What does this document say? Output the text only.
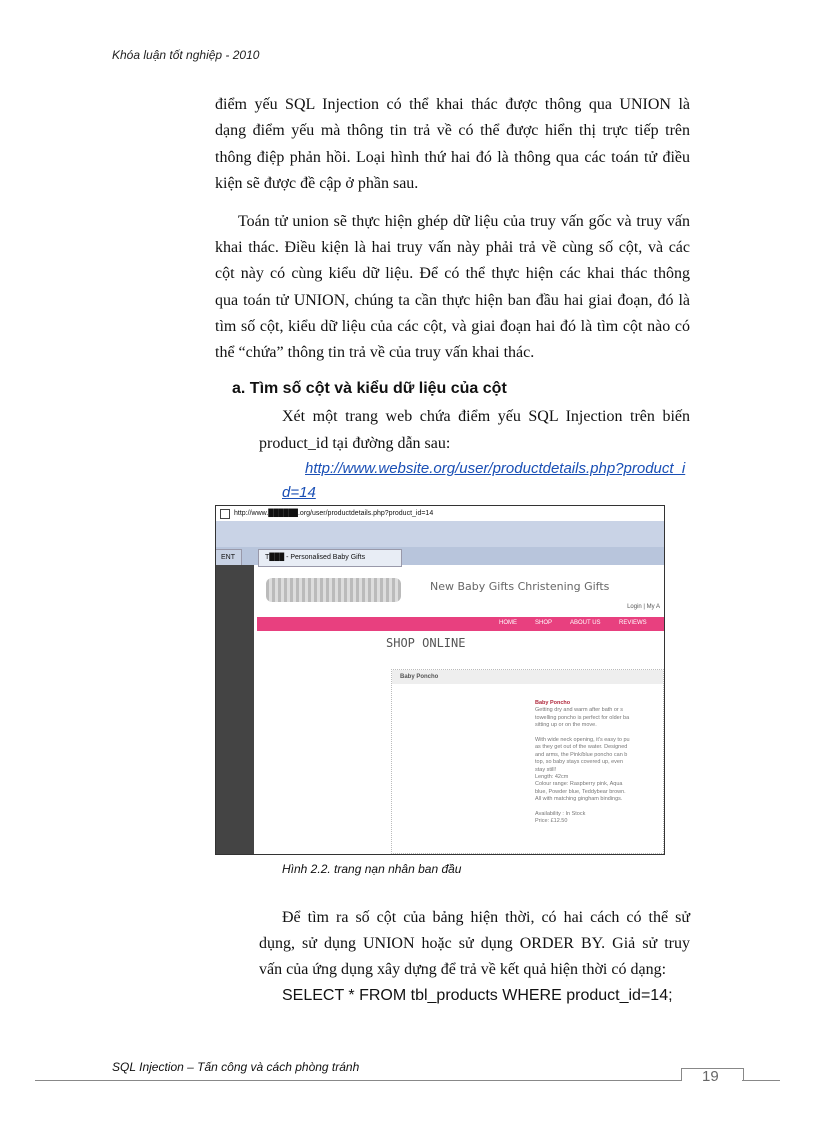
Khóa luận tốt nghiệp - 2010
điểm yếu SQL Injection có thể khai thác được thông qua UNION là
dạng điểm yếu mà thông tin trả về có thể được hiển thị trực tiếp trên
thông điệp phản hồi. Loại hình thứ hai đó là thông qua các toán tử điều
kiện sẽ được đề cập ở phần sau.
Toán tử union sẽ thực hiện ghép dữ liệu của truy vấn gốc và truy vấn
khai thác. Điều kiện là hai truy vấn này phải trả về cùng số cột, và các
cột này có cùng kiểu dữ liệu. Để có thể thực hiện các khai thác thông
qua toán tử UNION, chúng ta cần thực hiện ban đầu hai giai đoạn, đó là
tìm số cột, kiểu dữ liệu của các cột, và giai đoạn hai đó là tìm cột nào có
thể “chứa” thông tin trả về của truy vấn khai thác.
a. Tìm số cột và kiểu dữ liệu của cột
Xét một trang web chứa điểm yếu SQL Injection trên biến
product_id tại đường dẫn sau:
http://www.website.org/user/productdetails.php?product_i
d=14
http://www.██████.org/user/productdetails.php?product_id=14
ENT	T███ - Personalised Baby Gifts
New Baby Gifts Christening Gifts
Login | My A
HOME	SHOP	ABOUT US	REVIEWS
SHOP ONLINE
Baby Poncho
Baby Poncho
Getting dry and warm after bath or s
towelling poncho is perfect for older ba
sitting up or on the move.
With wide neck opening, it's easy to pu
as they get out of the water. Designed
and arms, the Pink/blue poncho can b
top, so baby stays covered up, even
stay still!
Length: 42cm
Colour range: Raspberry pink, Aqua
blue, Powder blue, Teddybear brown.
All with matching gingham bindings.
Availability : In Stock
Price: £12.50
Hình 2.2. trang nạn nhân ban đầu
Để tìm ra số cột của bảng hiện thời, có hai cách có thể sử
dụng, sử dụng UNION hoặc sử dụng ORDER BY. Giả sử truy
vấn của ứng dụng xây dựng để trả về kết quả hiện thời có dạng:
SELECT * FROM tbl_products WHERE product_id=14;
SQL Injection – Tấn công và cách phòng tránh
19
